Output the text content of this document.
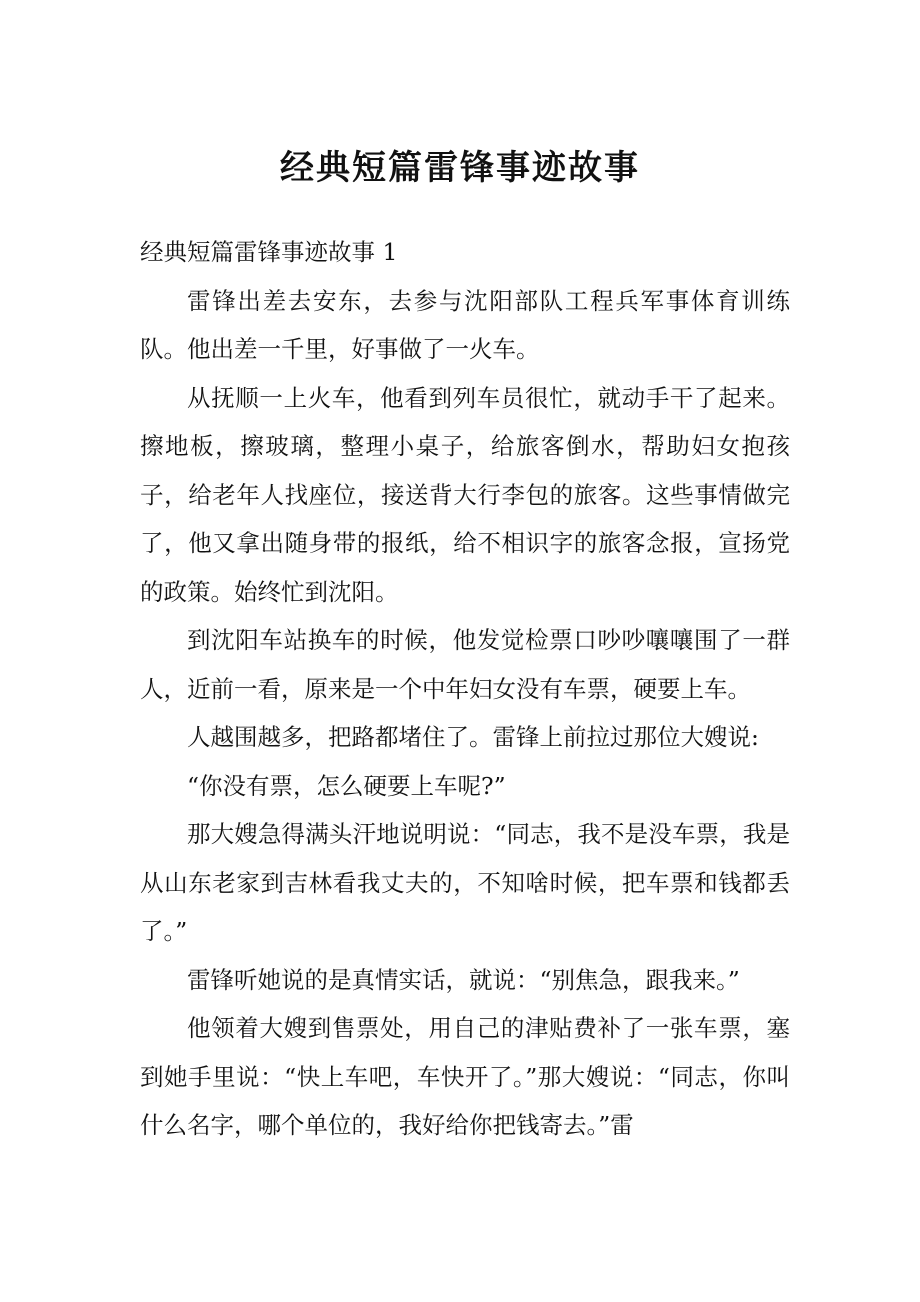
经典短篇雷锋事迹故事
经典短篇雷锋事迹故事 1

雷锋出差去安东，去参与沈阳部队工程兵军事体育训练队。他出差一千里，好事做了一火车。

从抚顺一上火车，他看到列车员很忙，就动手干了起来。擦地板，擦玻璃，整理小桌子，给旅客倒水，帮助妇女抱孩子，给老年人找座位，接送背大行李包的旅客。这些事情做完了，他又拿出随身带的报纸，给不相识字的旅客念报，宣扬党的政策。始终忙到沈阳。

到沈阳车站换车的时候，他发觉检票口吵吵嚷嚷围了一群人，近前一看，原来是一个中年妇女没有车票，硬要上车。

人越围越多，把路都堵住了。雷锋上前拉过那位大嫂说:

“你没有票，怎么硬要上车呢?”

那大嫂急得满头汗地说明说：“同志，我不是没车票，我是从山东老家到吉林看我丈夫的，不知啥时候，把车票和钱都丢了。”

雷锋听她说的是真情实话，就说：“别焦急，跟我来。”

他领着大嫂到售票处，用自己的津贴费补了一张车票，塞到她手里说：“快上车吧，车快开了。”那大嫂说：“同志，你叫什么名字，哪个单位的，我好给你把钱寄去。”雷
